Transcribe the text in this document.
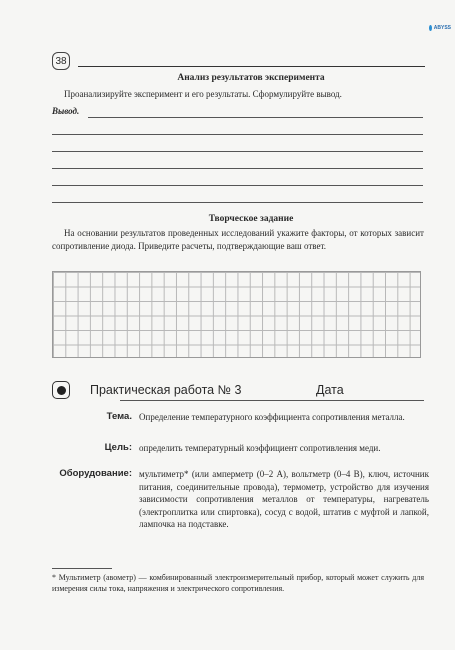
ABYSS
38
Анализ результатов эксперимента
Проанализируйте эксперимент и его результаты. Сформулируйте вывод.
Вывод.
Творческое задание
На основании результатов проведенных исследований укажите факторы, от которых зависит сопротивление диода. Приведите расчеты, подтверждающие ваш ответ.
Практическая работа № 3	Дата
Тема. Определение температурного коэффициента сопротивления металла.
Цель: определить температурный коэффициент сопротивления меди.
Оборудование: мультиметр* (или амперметр (0–2 А), вольтметр (0–4 В), ключ, источник питания, соединительные провода), термометр, устройство для изучения зависимости сопротивления металлов от температуры, нагреватель (электроплитка или спиртовка), сосуд с водой, штатив с муфтой и лапкой, лампочка на подставке.
* Мультиметр (авометр) — комбинированный электроизмерительный прибор, который может служить для измерения силы тока, напряжения и электрического сопротивления.
